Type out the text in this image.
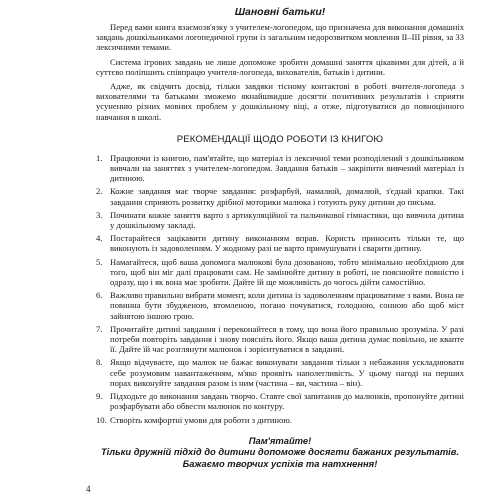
Шановні батьки!

Перед вами книга взаємозв'язку з учителем-логопедом, що призначена для виконання домашніх завдань дошкільниками логопедичної групи із загальним недорозвитком мовлення II–III рівня, за 33 лексичними темами.

Система ігрових завдань не лише допоможе зробити домашні заняття цікавими для дітей, а й суттєво поліпшить співпрацю учителя-логопеда, вихователів, батьків і дитини.

Адже, як свідчить досвід, тільки завдяки тісному контактові в роботі вчителя-логопеда з вихователями та батьками зможемо якнайшвидше досягти позитивних результатів і сприяти усуненню різних мовних проблем у дошкільному віці, а отже, підготуватися до повноцінного навчання в школі.

РЕКОМЕНДАЦІЇ ЩОДО РОБОТИ ІЗ КНИГОЮ
1. Працюючи із книгою, пам'ятайте, що матеріал із лексичної теми розподілений з дошкільником вивчали на заняттях з учителем-логопедом. Завдання батьків – закріпити вивчений матеріал із дитиною.
2. Кожне завдання має творче завдання: розфарбуй, намалюй, домалюй, з'єднай крапки. Такі завдання сприяють розвитку дрібної моторики малюка і готують руку дитини до письма.
3. Починати кожне заняття варто з артикуляційної та пальчикової гімнастики, що вивчила дитина у дошкільному закладі.
4. Постарайтеся зацікавити дитину виконанням вправ. Користь приносить тільки те, що виконують із задоволенням. У жодному разі не варто примушувати і сварити дитину.
5. Намагайтеся, щоб ваша допомога малюкові була дозованою, тобто мінімально необхідною для того, щоб він міг далі працювати сам. Не замінюйте дитину в роботі, не пояснюйте повністю і одразу, що і як вона має зробити. Дайте їй ще можливість до чогось дійти самостійно.
6. Важливо правильно вибрати момент, коли дитина із задоволенням працюватиме з вами. Вона не повинна бути збудженою, втомленою, погано почуватися, голодною, сонною або щоб міст зайнятою іншою грою.
7. Прочитайте дитині завдання і переконайтеся в тому, що вона його правильно зрозуміла. У разі потреби повторіть завдання і знову поясніть його. Якщо ваша дитина думає повільно, не квапте її. Дайте їй час розглянути малюнок і зорієнтуватися в завданні.
8. Якщо відчуваєте, що малюк не бажає виконувати завдання тільки з небажання ускладнювати себе розумовим навантаженням, м'яко проявіть наполегливість. У цьому нагоді на перших порах виконуйте завдання разом із ним (частина – ви, частина – він).
9. Підходьте до виконання завдань творчо. Ставте свої запитання до малюнків, пропонуйте дитині розфарбувати або обвести малюнок по контуру.
10. Створіть комфортні умови для роботи з дитиною.
Пам'ятайте!
Тільки дружній підхід до дитини допоможе досягти бажаних результатів.
Бажаємо творчих успіхів та натхнення!
4
